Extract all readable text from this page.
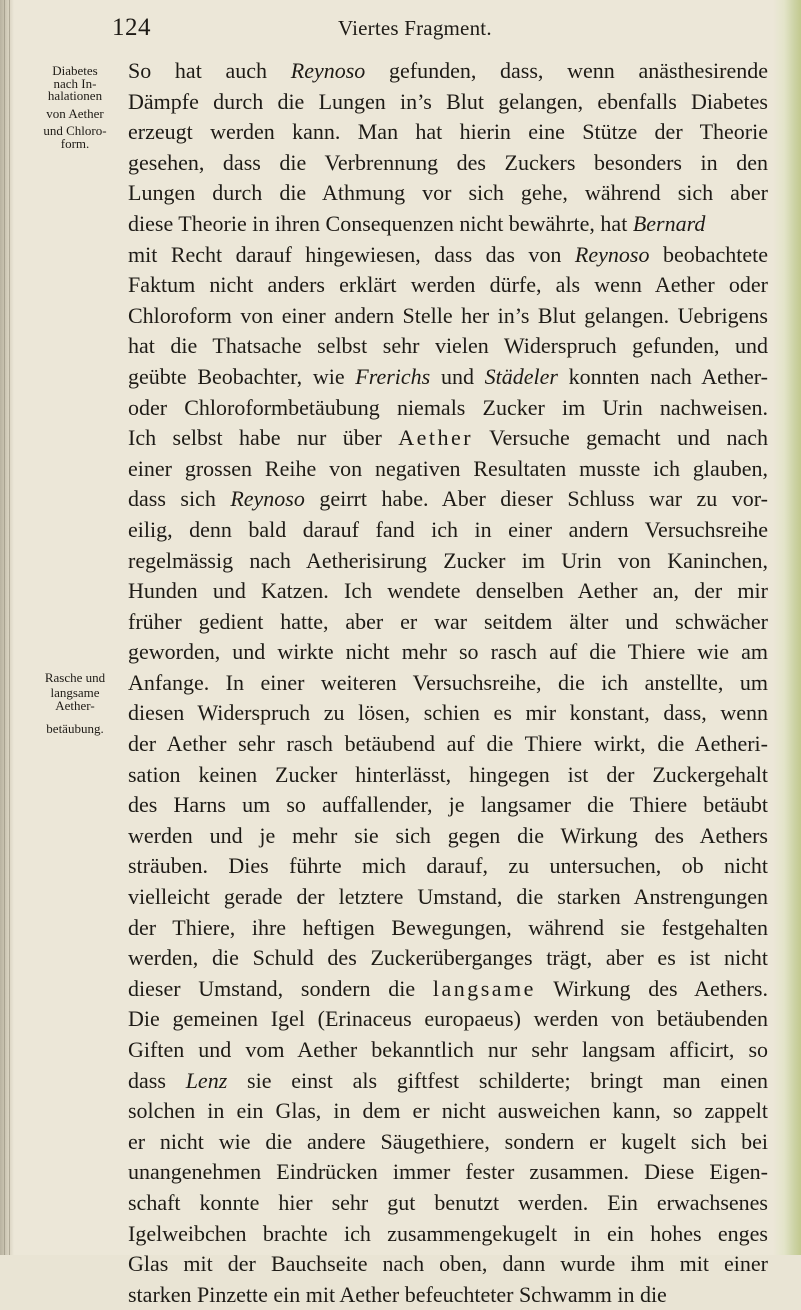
124	Viertes Fragment.
Diabetes
nach In-
halationen
von Aether
und Chloro-
form.
Rasche und
langsame
Aether-
betäubung.
So hat auch Reynoso gefunden, dass, wenn anästhesirende
Dämpfe durch die Lungen in’s Blut gelangen, ebenfalls Diabetes
erzeugt werden kann. Man hat hierin eine Stütze der Theorie
gesehen, dass die Verbrennung des Zuckers besonders in den
Lungen durch die Athmung vor sich gehe, während sich aber
diese Theorie in ihren Consequenzen nicht bewährte, hat Bernard
mit Recht darauf hingewiesen, dass das von Reynoso beobachtete
Faktum nicht anders erklärt werden dürfe, als wenn Aether oder
Chloroform von einer andern Stelle her in’s Blut gelangen. Uebrigens
hat die Thatsache selbst sehr vielen Widerspruch gefunden, und
geübte Beobachter, wie Frerichs und Städeler konnten nach Aether-
oder Chloroformbetäubung niemals Zucker im Urin nachweisen.
Ich selbst habe nur über Aether Versuche gemacht und nach
einer grossen Reihe von negativen Resultaten musste ich glauben,
dass sich Reynoso geirrt habe. Aber dieser Schluss war zu vor-
eilig, denn bald darauf fand ich in einer andern Versuchsreihe
regelmässig nach Aetherisirung Zucker im Urin von Kaninchen,
Hunden und Katzen. Ich wendete denselben Aether an, der mir
früher gedient hatte, aber er war seitdem älter und schwächer
geworden, und wirkte nicht mehr so rasch auf die Thiere wie am
Anfange. In einer weiteren Versuchsreihe, die ich anstellte, um
diesen Widerspruch zu lösen, schien es mir konstant, dass, wenn
der Aether sehr rasch betäubend auf die Thiere wirkt, die Aetheri-
sation keinen Zucker hinterlässt, hingegen ist der Zuckergehalt
des Harns um so auffallender, je langsamer die Thiere betäubt
werden und je mehr sie sich gegen die Wirkung des Aethers
sträuben. Dies führte mich darauf, zu untersuchen, ob nicht
vielleicht gerade der letztere Umstand, die starken Anstrengungen
der Thiere, ihre heftigen Bewegungen, während sie festgehalten
werden, die Schuld des Zuckerüberganges trägt, aber es ist nicht
dieser Umstand, sondern die langsame Wirkung des Aethers.
Die gemeinen Igel (Erinaceus europaeus) werden von betäubenden
Giften und vom Aether bekanntlich nur sehr langsam afficirt, so
dass Lenz sie einst als giftfest schilderte; bringt man einen
solchen in ein Glas, in dem er nicht ausweichen kann, so zappelt
er nicht wie die andere Säugethiere, sondern er kugelt sich bei
unangenehmen Eindrücken immer fester zusammen. Diese Eigen-
schaft konnte hier sehr gut benutzt werden. Ein erwachsenes
Igelweibchen brachte ich zusammengekugelt in ein hohes enges
Glas mit der Bauchseite nach oben, dann wurde ihm mit einer
starken Pinzette ein mit Aether befeuchteter Schwamm in die
